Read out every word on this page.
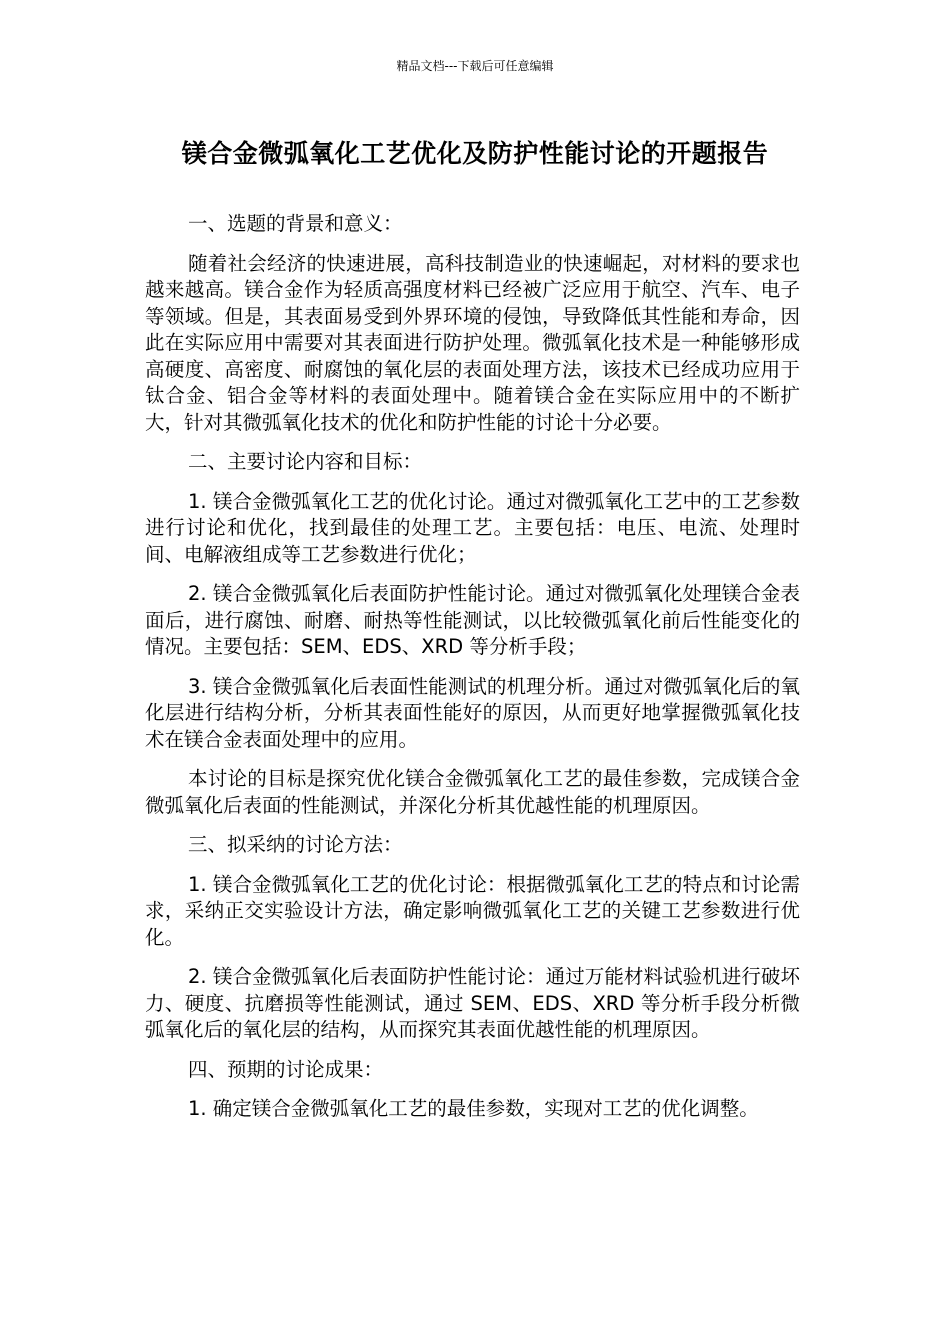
精品文档---下载后可任意编辑
镁合金微弧氧化工艺优化及防护性能讨论的开题报告

一、选题的背景和意义：

随着社会经济的快速进展，高科技制造业的快速崛起，对材料的要求也越来越高。镁合金作为轻质高强度材料已经被广泛应用于航空、汽车、电子等领域。但是，其表面易受到外界环境的侵蚀，导致降低其性能和寿命，因此在实际应用中需要对其表面进行防护处理。微弧氧化技术是一种能够形成高硬度、高密度、耐腐蚀的氧化层的表面处理方法，该技术已经成功应用于钛合金、铝合金等材料的表面处理中。随着镁合金在实际应用中的不断扩大，针对其微弧氧化技术的优化和防护性能的讨论十分必要。

二、主要讨论内容和目标：

1. 镁合金微弧氧化工艺的优化讨论。通过对微弧氧化工艺中的工艺参数进行讨论和优化，找到最佳的处理工艺。主要包括：电压、电流、处理时间、电解液组成等工艺参数进行优化；

2. 镁合金微弧氧化后表面防护性能讨论。通过对微弧氧化处理镁合金表面后，进行腐蚀、耐磨、耐热等性能测试，以比较微弧氧化前后性能变化的情况。主要包括：SEM、EDS、XRD 等分析手段；

3. 镁合金微弧氧化后表面性能测试的机理分析。通过对微弧氧化后的氧化层进行结构分析，分析其表面性能好的原因，从而更好地掌握微弧氧化技术在镁合金表面处理中的应用。

本讨论的目标是探究优化镁合金微弧氧化工艺的最佳参数，完成镁合金微弧氧化后表面的性能测试，并深化分析其优越性能的机理原因。

三、拟采纳的讨论方法：

1. 镁合金微弧氧化工艺的优化讨论：根据微弧氧化工艺的特点和讨论需求，采纳正交实验设计方法，确定影响微弧氧化工艺的关键工艺参数进行优化。

2. 镁合金微弧氧化后表面防护性能讨论：通过万能材料试验机进行破坏力、硬度、抗磨损等性能测试，通过 SEM、EDS、XRD 等分析手段分析微弧氧化后的氧化层的结构，从而探究其表面优越性能的机理原因。

四、预期的讨论成果：

1. 确定镁合金微弧氧化工艺的最佳参数，实现对工艺的优化调整。
